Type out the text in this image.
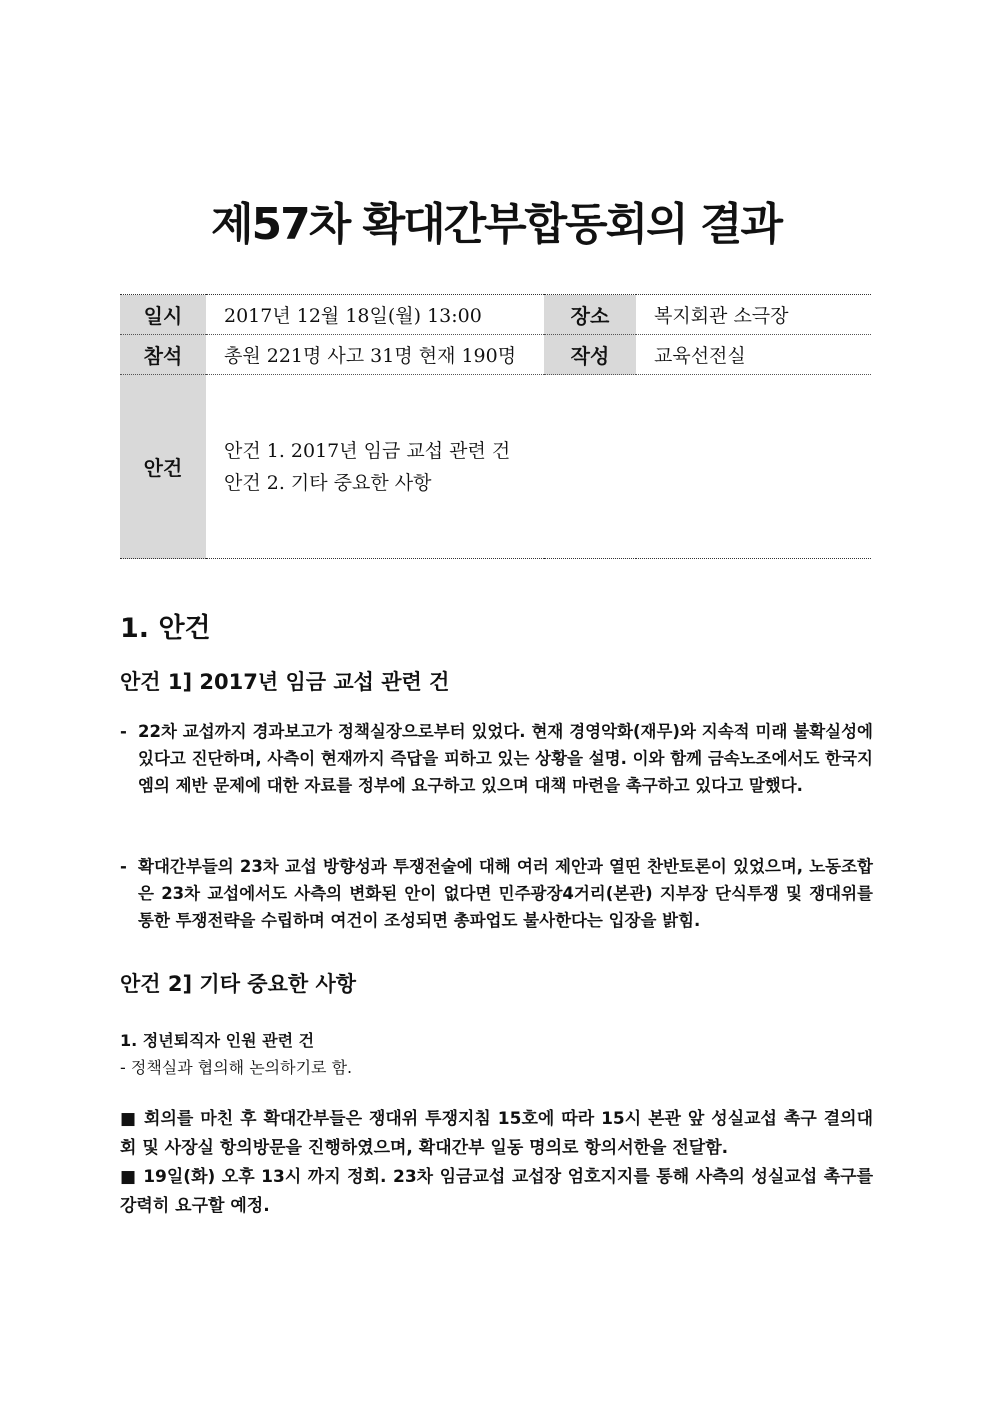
제57차 확대간부합동회의 결과
일시	2017년 12월 18일(월) 13:00	장소	복지회관 소극장
참석	총원 221명 사고 31명 현재 190명	작성	교육선전실
안건	안건 1. 2017년 임금 교섭 관련 건
안건 2. 기타 중요한 사항		
1. 안건
안건 1] 2017년 임금 교섭 관련 건
- 22차 교섭까지 경과보고가 정책실장으로부터 있었다. 현재 경영악화(재무)와 지속적 미래 불확실성에 있다고 진단하며, 사측이 현재까지 즉답을 피하고 있는 상황을 설명. 이와 함께 금속노조에서도 한국지엠의 제반 문제에 대한 자료를 정부에 요구하고 있으며 대책 마련을 촉구하고 있다고 말했다.
- 확대간부들의 23차 교섭 방향성과 투쟁전술에 대해 여러 제안과 열띤 찬반토론이 있었으며, 노동조합은 23차 교섭에서도 사측의 변화된 안이 없다면 민주광장4거리(본관) 지부장 단식투쟁 및 쟁대위를 통한 투쟁전략을 수립하며 여건이 조성되면 총파업도 불사한다는 입장을 밝힘.
안건 2] 기타 중요한 사항
1. 정년퇴직자 인원 관련 건
- 정책실과 협의해 논의하기로 함.
■ 회의를 마친 후 확대간부들은 쟁대위 투쟁지침 15호에 따라 15시 본관 앞 성실교섭 촉구 결의대회 및 사장실 항의방문을 진행하였으며, 확대간부 일동 명의로 항의서한을 전달함.
■ 19일(화) 오후 13시 까지 정회. 23차 임금교섭 교섭장 엄호지지를 통해 사측의 성실교섭 촉구를 강력히 요구할 예정.
